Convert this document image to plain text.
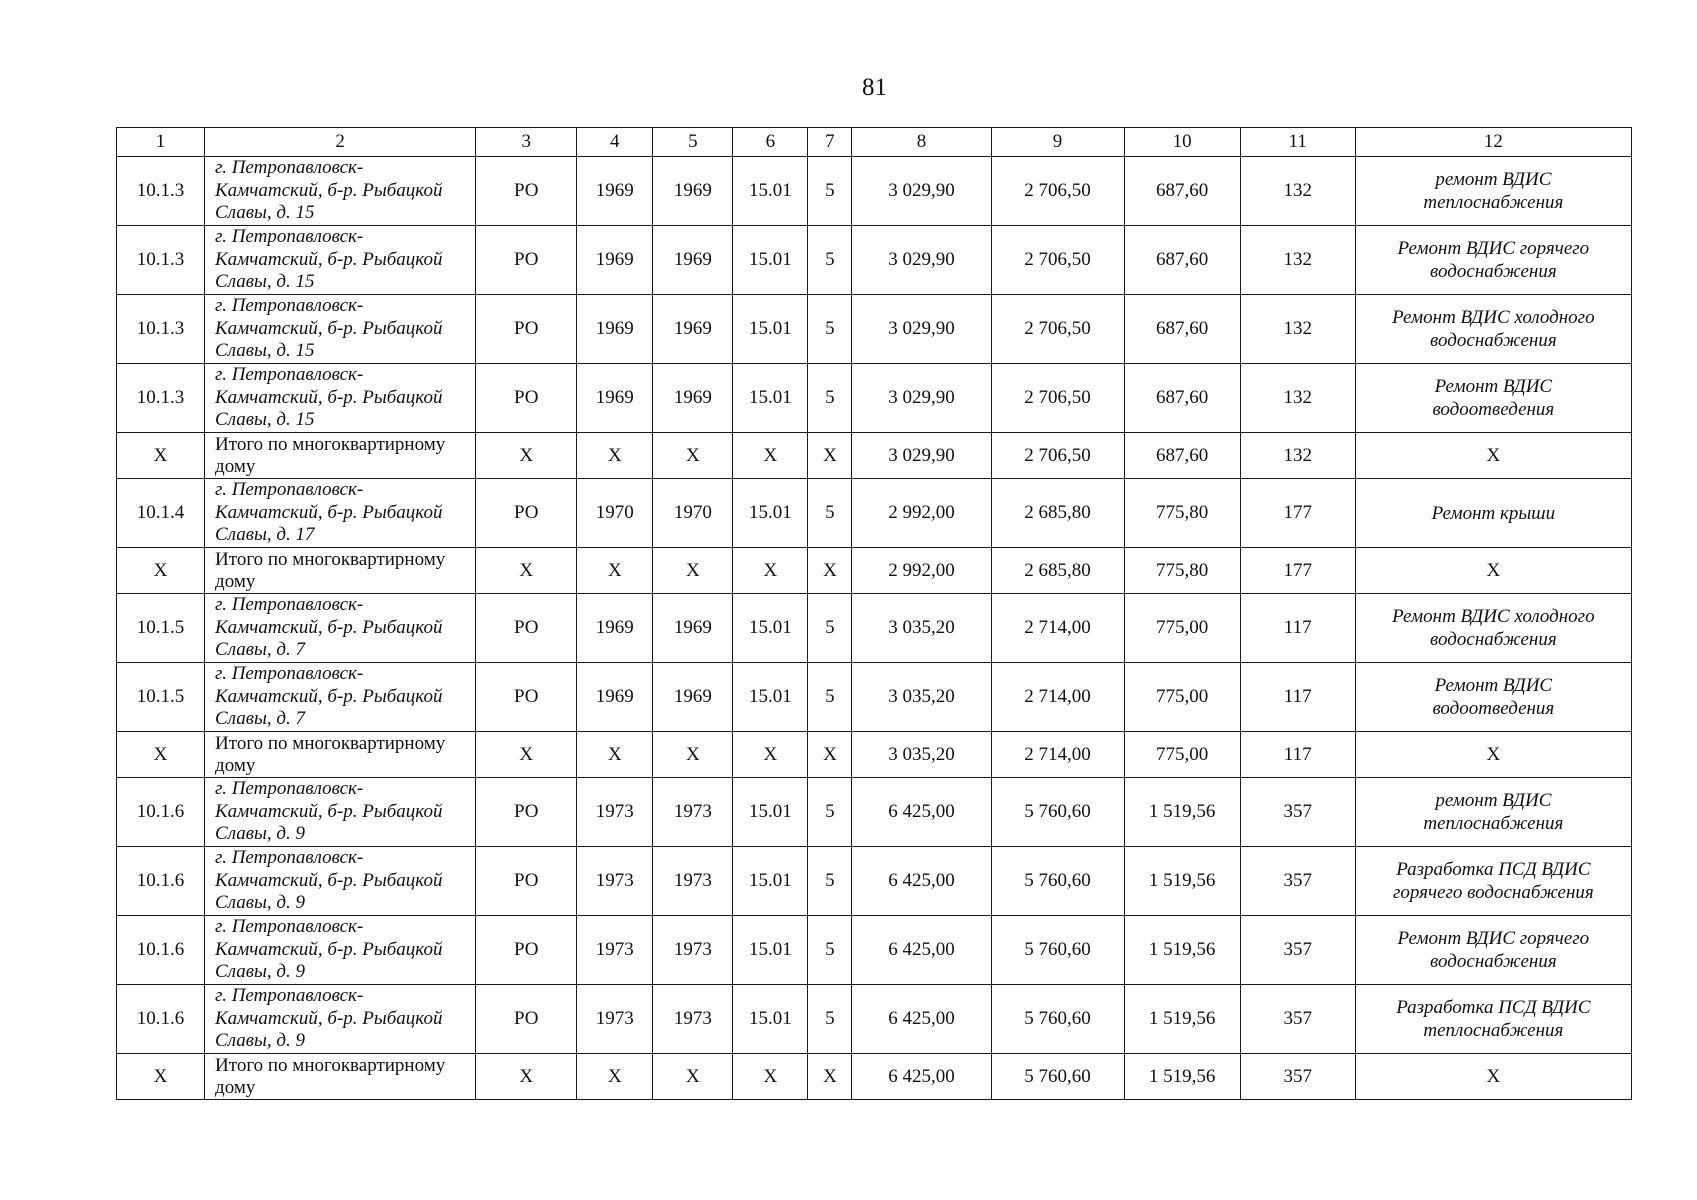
81
1	2	3	4	5	6	7	8	9	10	11	12
10.1.3	г. Петропавловск-
Камчатский, б-р. Рыбацкой
Славы, д. 15	РО	1969	1969	15.01	5	3 029,90	2 706,50	687,60	132	ремонт ВДИС
теплоснабжения
10.1.3	г. Петропавловск-
Камчатский, б-р. Рыбацкой
Славы, д. 15	РО	1969	1969	15.01	5	3 029,90	2 706,50	687,60	132	Ремонт ВДИС горячего
водоснабжения
10.1.3	г. Петропавловск-
Камчатский, б-р. Рыбацкой
Славы, д. 15	РО	1969	1969	15.01	5	3 029,90	2 706,50	687,60	132	Ремонт ВДИС холодного
водоснабжения
10.1.3	г. Петропавловск-
Камчатский, б-р. Рыбацкой
Славы, д. 15	РО	1969	1969	15.01	5	3 029,90	2 706,50	687,60	132	Ремонт ВДИС
водоотведения
Х	Итого по многоквартирному
дому	Х	Х	Х	Х	Х	3 029,90	2 706,50	687,60	132	Х
10.1.4	г. Петропавловск-
Камчатский, б-р. Рыбацкой
Славы, д. 17	РО	1970	1970	15.01	5	2 992,00	2 685,80	775,80	177	Ремонт крыши
Х	Итого по многоквартирному
дому	Х	Х	Х	Х	Х	2 992,00	2 685,80	775,80	177	Х
10.1.5	г. Петропавловск-
Камчатский, б-р. Рыбацкой
Славы, д. 7	РО	1969	1969	15.01	5	3 035,20	2 714,00	775,00	117	Ремонт ВДИС холодного
водоснабжения
10.1.5	г. Петропавловск-
Камчатский, б-р. Рыбацкой
Славы, д. 7	РО	1969	1969	15.01	5	3 035,20	2 714,00	775,00	117	Ремонт ВДИС
водоотведения
Х	Итого по многоквартирному
дому	Х	Х	Х	Х	Х	3 035,20	2 714,00	775,00	117	Х
10.1.6	г. Петропавловск-
Камчатский, б-р. Рыбацкой
Славы, д. 9	РО	1973	1973	15.01	5	6 425,00	5 760,60	1 519,56	357	ремонт ВДИС
теплоснабжения
10.1.6	г. Петропавловск-
Камчатский, б-р. Рыбацкой
Славы, д. 9	РО	1973	1973	15.01	5	6 425,00	5 760,60	1 519,56	357	Разработка ПСД ВДИС
горячего водоснабжения
10.1.6	г. Петропавловск-
Камчатский, б-р. Рыбацкой
Славы, д. 9	РО	1973	1973	15.01	5	6 425,00	5 760,60	1 519,56	357	Ремонт ВДИС горячего
водоснабжения
10.1.6	г. Петропавловск-
Камчатский, б-р. Рыбацкой
Славы, д. 9	РО	1973	1973	15.01	5	6 425,00	5 760,60	1 519,56	357	Разработка ПСД ВДИС
теплоснабжения
Х	Итого по многоквартирному
дому	Х	Х	Х	Х	Х	6 425,00	5 760,60	1 519,56	357	Х
